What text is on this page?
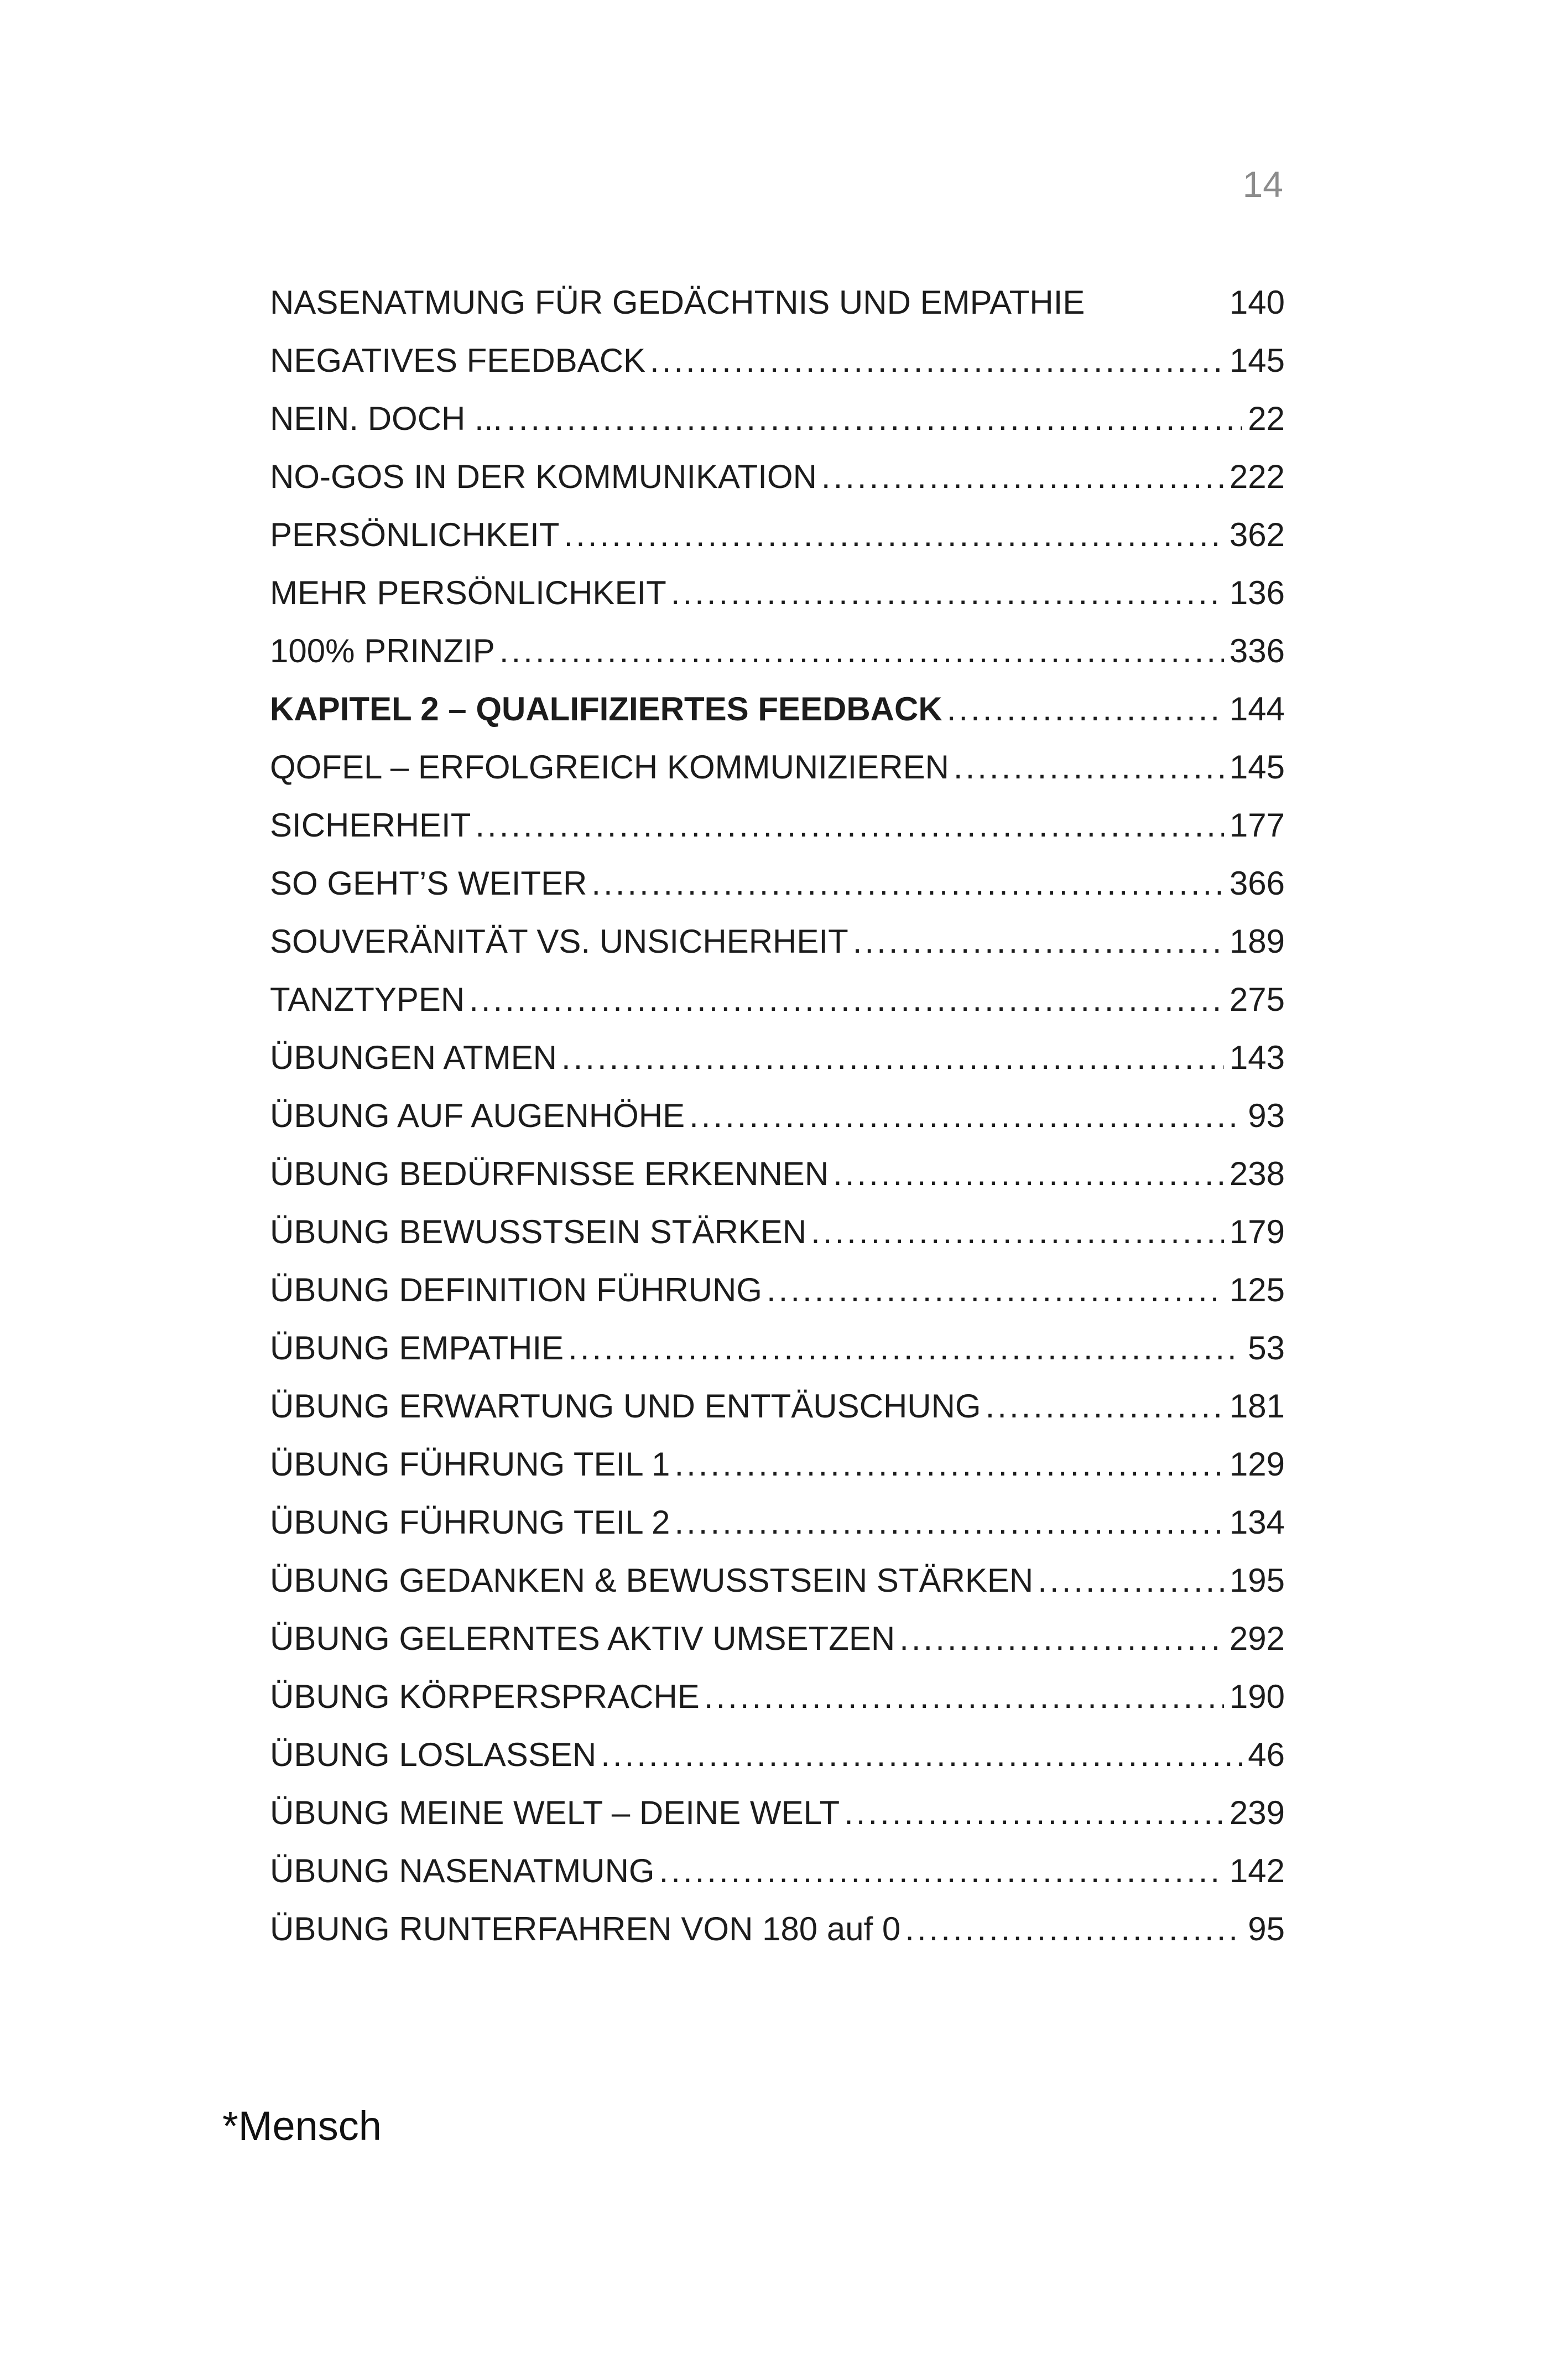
14
NASENATMUNG FÜR GEDÄCHTNIS UND EMPATHIE	140
NEGATIVES FEEDBACK .....	145
NEIN. DOCH ... .....	22
NO-GOS IN DER KOMMUNIKATION .....	222
PERSÖNLICHKEIT .....	362
MEHR PERSÖNLICHKEIT .....	136
100% PRINZIP .....	336
KAPITEL 2 – QUALIFIZIERTES FEEDBACK .....	144
QOFEL – ERFOLGREICH KOMMUNIZIEREN .....	145
SICHERHEIT .....	177
SO GEHT’S WEITER .....	366
SOUVERÄNITÄT VS. UNSICHERHEIT .....	189
TANZTYPEN .....	275
ÜBUNGEN ATMEN .....	143
ÜBUNG AUF AUGENHÖHE .....	93
ÜBUNG BEDÜRFNISSE ERKENNEN .....	238
ÜBUNG BEWUSSTSEIN STÄRKEN .....	179
ÜBUNG DEFINITION FÜHRUNG .....	125
ÜBUNG EMPATHIE .....	53
ÜBUNG ERWARTUNG UND ENTTÄUSCHUNG .....	181
ÜBUNG FÜHRUNG TEIL 1 .....	129
ÜBUNG FÜHRUNG TEIL 2 .....	134
ÜBUNG GEDANKEN & BEWUSSTSEIN STÄRKEN .....	195
ÜBUNG GELERNTES AKTIV UMSETZEN .....	292
ÜBUNG KÖRPERSPRACHE .....	190
ÜBUNG LOSLASSEN .....	46
ÜBUNG MEINE WELT – DEINE WELT .....	239
ÜBUNG NASENATMUNG .....	142
ÜBUNG RUNTERFAHREN VON 180 auf 0 .....	95
*Mensch
